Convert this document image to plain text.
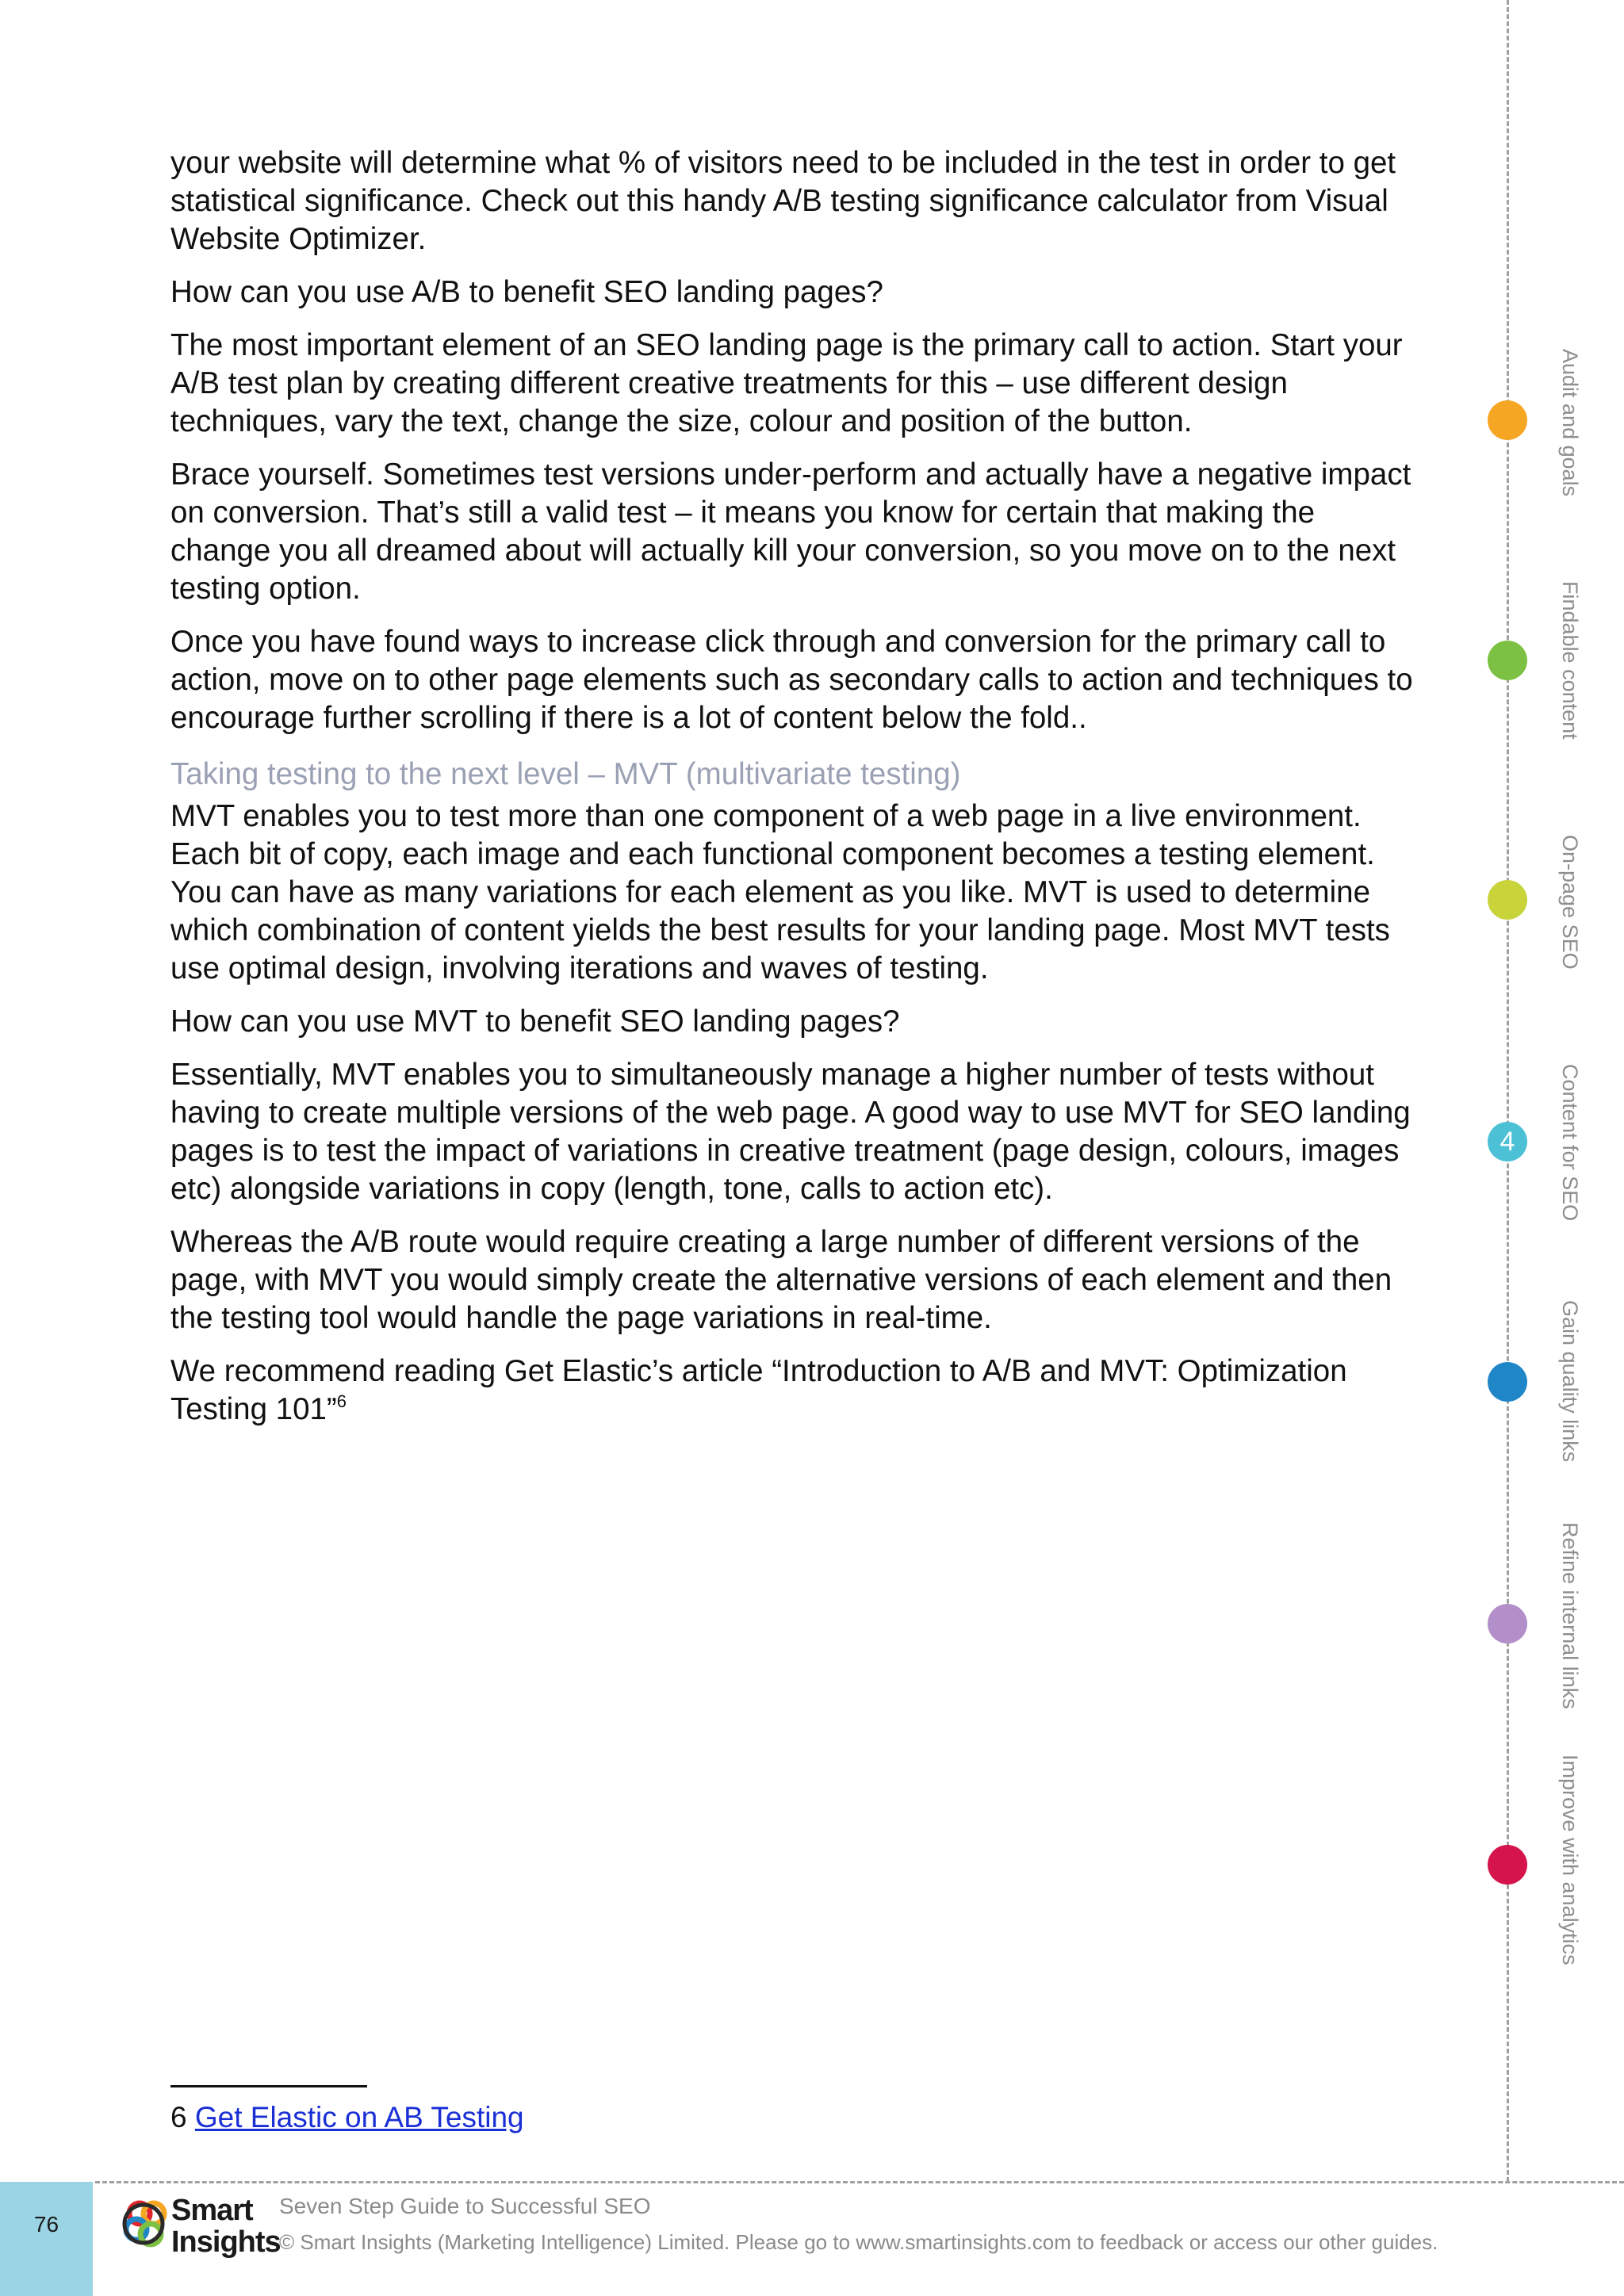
your website will determine what % of visitors need to be included in the test in order to get statistical significance. Check out this handy A/B testing significance calculator from Visual Website Optimizer.

How can you use A/B to benefit SEO landing pages?

The most important element of an SEO landing page is the primary call to action. Start your A/B test plan by creating different creative treatments for this – use different design techniques, vary the text, change the size, colour and position of the button.

Brace yourself. Sometimes test versions under-perform and actually have a negative impact on conversion. That’s still a valid test – it means you know for certain that making the change you all dreamed about will actually kill your conversion, so you move on to the next testing option.

Once you have found ways to increase click through and conversion for the primary call to action, move on to other page elements such as secondary calls to action and techniques to encourage further scrolling if there is a lot of content below the fold..

Taking testing to the next level – MVT (multivariate testing)

MVT enables you to test more than one component of a web page in a live environment. Each bit of copy, each image and each functional component becomes a testing element. You can have as many variations for each element as you like. MVT is used to determine which combination of content yields the best results for your landing page. Most MVT tests use optimal design, involving iterations and waves of testing.

How can you use MVT to benefit SEO landing pages?

Essentially, MVT enables you to simultaneously manage a higher number of tests without having to create multiple versions of the web page. A good way to use MVT for SEO landing pages is to test the impact of variations in creative treatment (page design, colours, images etc) alongside variations in copy (length, tone, calls to action etc).

Whereas the A/B route would require creating a large number of different versions of the page, with MVT you would simply create the alternative versions of each element and then the testing tool would handle the page variations in real-time.

We recommend reading Get Elastic’s article “Introduction to A/B and MVT: Optimization Testing 101”$^6$

Audit and goals
Findable content
On-page SEO
4	Content for SEO
Gain quality links
Refine internal links
Improve with analytics
6 Get Elastic on AB Testing
76	Smart
Insights
Seven Step Guide to Successful SEO
© Smart Insights (Marketing Intelligence) Limited. Please go to www.smartinsights.com to feedback or access our other guides.
